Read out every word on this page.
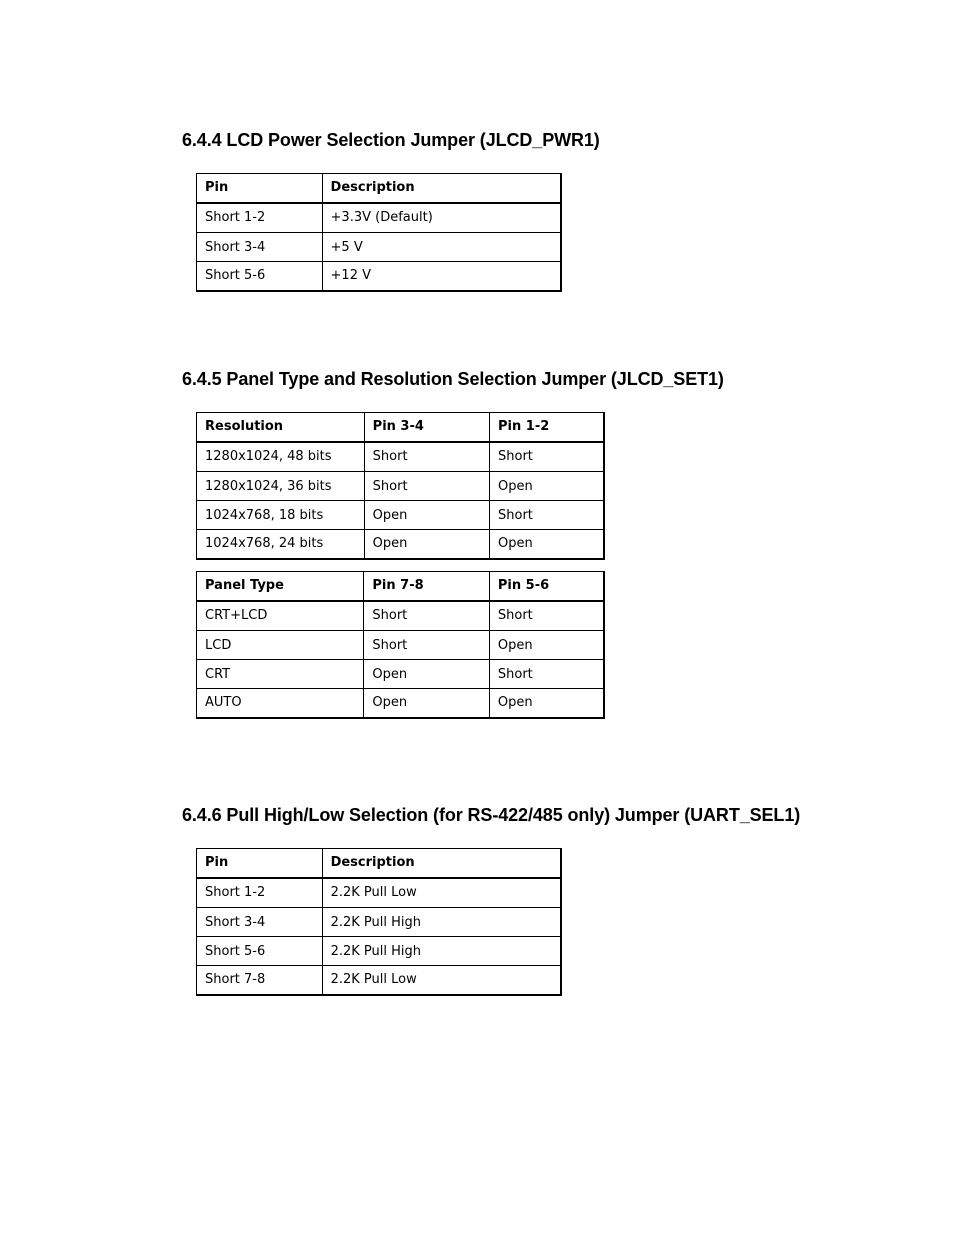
6.4.4 LCD Power Selection Jumper (JLCD_PWR1)
Pin	Description
Short 1-2	+3.3V (Default)
Short 3-4	+5 V
Short 5-6	+12 V
6.4.5 Panel Type and Resolution Selection Jumper (JLCD_SET1)
Resolution	Pin 3-4	Pin 1-2
1280x1024, 48 bits	Short	Short
1280x1024, 36 bits	Short	Open
1024x768, 18 bits	Open	Short
1024x768, 24 bits	Open	Open
Panel Type	Pin 7-8	Pin 5-6
CRT+LCD	Short	Short
LCD	Short	Open
CRT	Open	Short
AUTO	Open	Open
6.4.6 Pull High/Low Selection (for RS-422/485 only) Jumper (UART_SEL1)
Pin	Description
Short 1-2	2.2K Pull Low
Short 3-4	2.2K Pull High
Short 5-6	2.2K Pull High
Short 7-8	2.2K Pull Low
